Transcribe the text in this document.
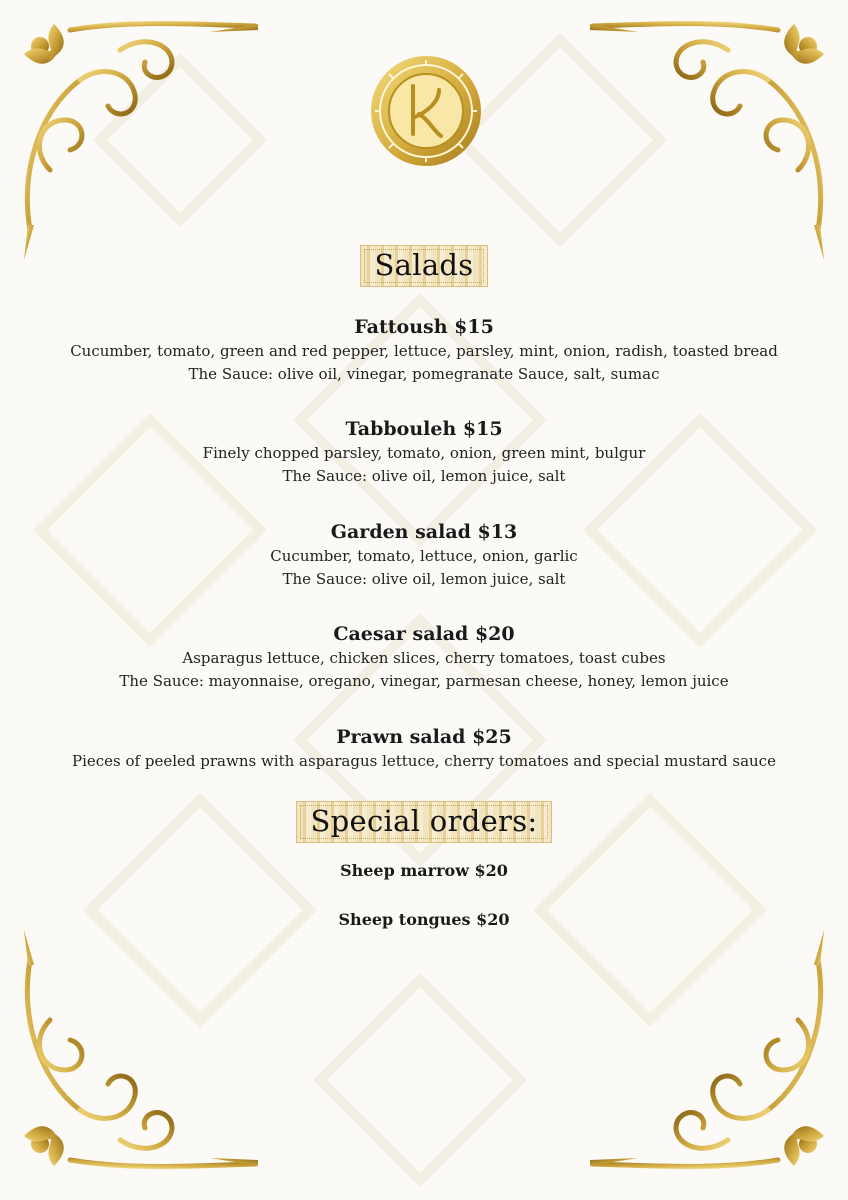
Salads
Fattoush $15
Cucumber, tomato, green and red pepper, lettuce, parsley, mint, onion, radish, toasted bread
The Sauce: olive oil, vinegar, pomegranate Sauce, salt, sumac
Tabbouleh $15
Finely chopped parsley, tomato, onion, green mint, bulgur
The Sauce: olive oil, lemon juice, salt
Garden salad $13
Cucumber, tomato, lettuce, onion, garlic
The Sauce: olive oil, lemon juice, salt
Caesar salad $20
Asparagus lettuce, chicken slices, cherry tomatoes, toast cubes
The Sauce: mayonnaise, oregano, vinegar, parmesan cheese, honey, lemon juice
Prawn salad $25
Pieces of peeled prawns with asparagus lettuce, cherry tomatoes and special mustard sauce
Special orders:
Sheep marrow $20
Sheep tongues $20
